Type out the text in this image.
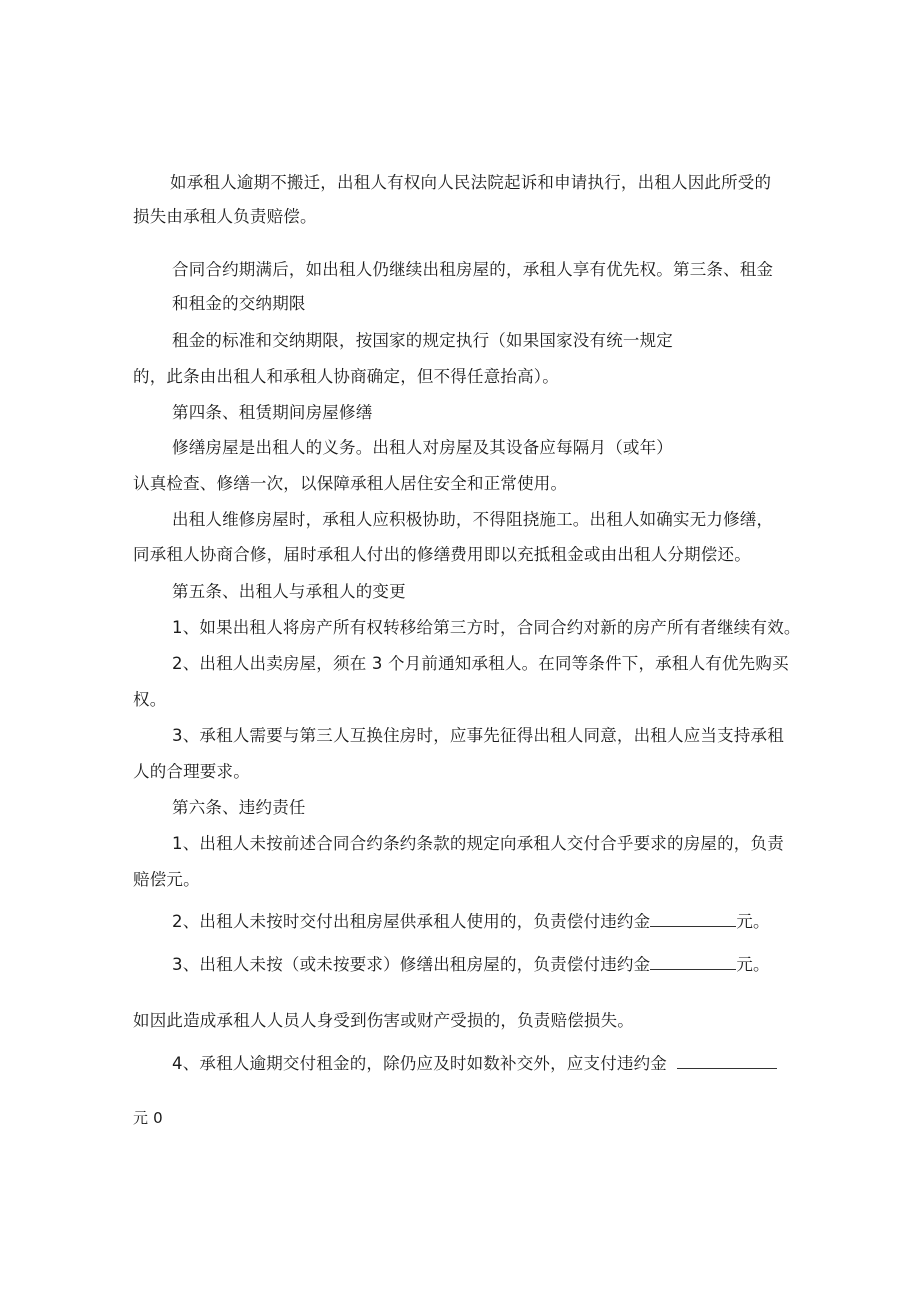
如承租人逾期不搬迁，出租人有权向人民法院起诉和申请执行，出租人因此所受的
损失由承租人负责赔偿。
合同合约期满后，如出租人仍继续出租房屋的，承租人享有优先权。第三条、租金
和租金的交纳期限
租金的标准和交纳期限，按国家的规定执行（如果国家没有统一规定
的，此条由出租人和承租人协商确定，但不得任意抬高）。
第四条、租赁期间房屋修缮
修缮房屋是出租人的义务。出租人对房屋及其设备应每隔月（或年）
认真检查、修缮一次，以保障承租人居住安全和正常使用。
出租人维修房屋时，承租人应积极协助，不得阻挠施工。出租人如确实无力修缮，
同承租人协商合修，届时承租人付出的修缮费用即以充抵租金或由出租人分期偿还。
第五条、出租人与承租人的变更
1、如果出租人将房产所有权转移给第三方时，合同合约对新的房产所有者继续有效。
2、出租人出卖房屋，须在 3 个月前通知承租人。在同等条件下，承租人有优先购买
权。
3、承租人需要与第三人互换住房时，应事先征得出租人同意，出租人应当支持承租
人的合理要求。
第六条、违约责任
1、出租人未按前述合同合约条约条款的规定向承租人交付合乎要求的房屋的，负责
赔偿元。
2、出租人未按时交付出租房屋供承租人使用的，负责偿付违约金	元。
3、出租人未按（或未按要求）修缮出租房屋的，负责偿付违约金	元。
如因此造成承租人人员人身受到伤害或财产受损的，负责赔偿损失。
4、承租人逾期交付租金的，除仍应及时如数补交外，应支付违约金
元 0
